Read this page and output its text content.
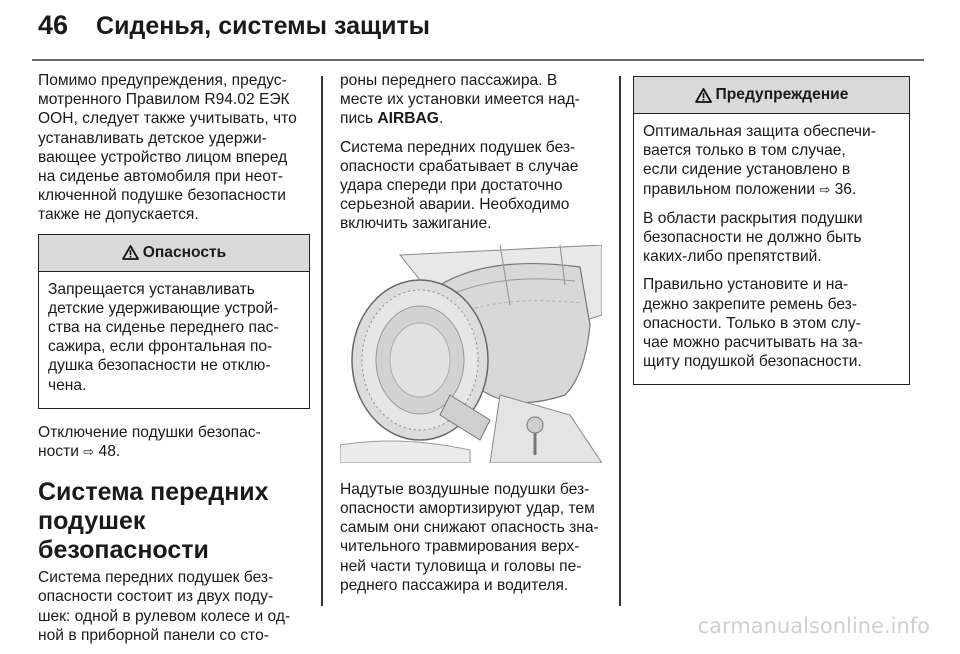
46 Сиденья, системы защиты

Помимо предупреждения, предус-
мотренного Правилом R94.02 ЕЭК
ООН, следует также учитывать, что
устанавливать детское удержи-
вающее устройство лицом вперед
на сиденье автомобиля при неот-
ключенной подушке безопасности
также не допускается.

Опасность

Запрещается устанавливать
детские удерживающие устрой-
ства на сиденье переднего пас-
сажира, если фронтальная по-
душка безопасности не отклю-
чена.

Отключение подушки безопас-
ности ⇨ 48.

Система передних
подушек безопасности

Система передних подушек без-
опасности состоит из двух поду-
шек: одной в рулевом колесе и од-
ной в приборной панели со сто-

роны переднего пассажира. В
месте их установки имеется над-
пись AIRBAG.

Система передних подушек без-
опасности срабатывает в случае
удара спереди при достаточно
серьезной аварии. Необходимо
включить зажигание.

Надутые воздушные подушки без-
опасности амортизируют удар, тем
самым они снижают опасность зна-
чительного травмирования верх-
ней части туловища и головы пе-
реднего пассажира и водителя.

Предупреждение

Оптимальная защита обеспечи-
вается только в том случае,
если сидение установлено в
правильном положении ⇨ 36.

В области раскрытия подушки
безопасности не должно быть
каких-либо препятствий.

Правильно установите и на-
дежно закрепите ремень без-
опасности. Только в этом слу-
чае можно расчитывать на за-
щиту подушкой безопасности.

carmanualsonline.info
